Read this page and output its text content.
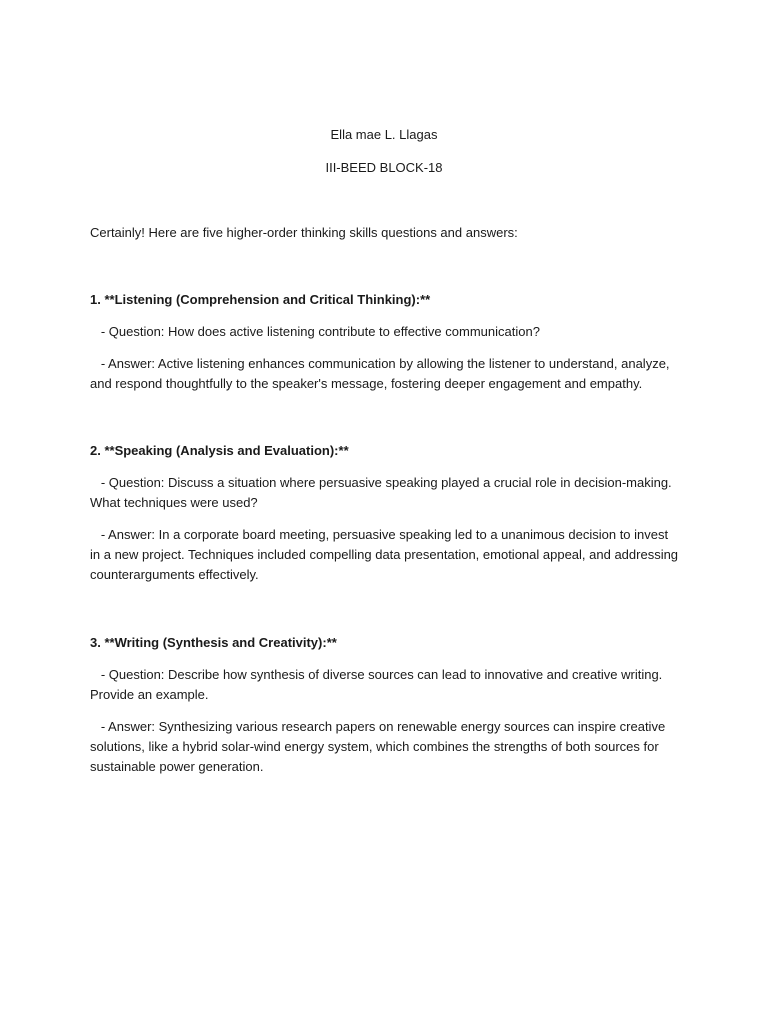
Ella mae L. Llagas
III-BEED BLOCK-18
Certainly! Here are five higher-order thinking skills questions and answers:

1. **Listening (Comprehension and Critical Thinking):**

- Question: How does active listening contribute to effective communication?

- Answer: Active listening enhances communication by allowing the listener to understand, analyze, and respond thoughtfully to the speaker's message, fostering deeper engagement and empathy.

2. **Speaking (Analysis and Evaluation):**

- Question: Discuss a situation where persuasive speaking played a crucial role in decision-making. What techniques were used?

- Answer: In a corporate board meeting, persuasive speaking led to a unanimous decision to invest in a new project. Techniques included compelling data presentation, emotional appeal, and addressing counterarguments effectively.

3. **Writing (Synthesis and Creativity):**

- Question: Describe how synthesis of diverse sources can lead to innovative and creative writing. Provide an example.

- Answer: Synthesizing various research papers on renewable energy sources can inspire creative solutions, like a hybrid solar-wind energy system, which combines the strengths of both sources for sustainable power generation.
